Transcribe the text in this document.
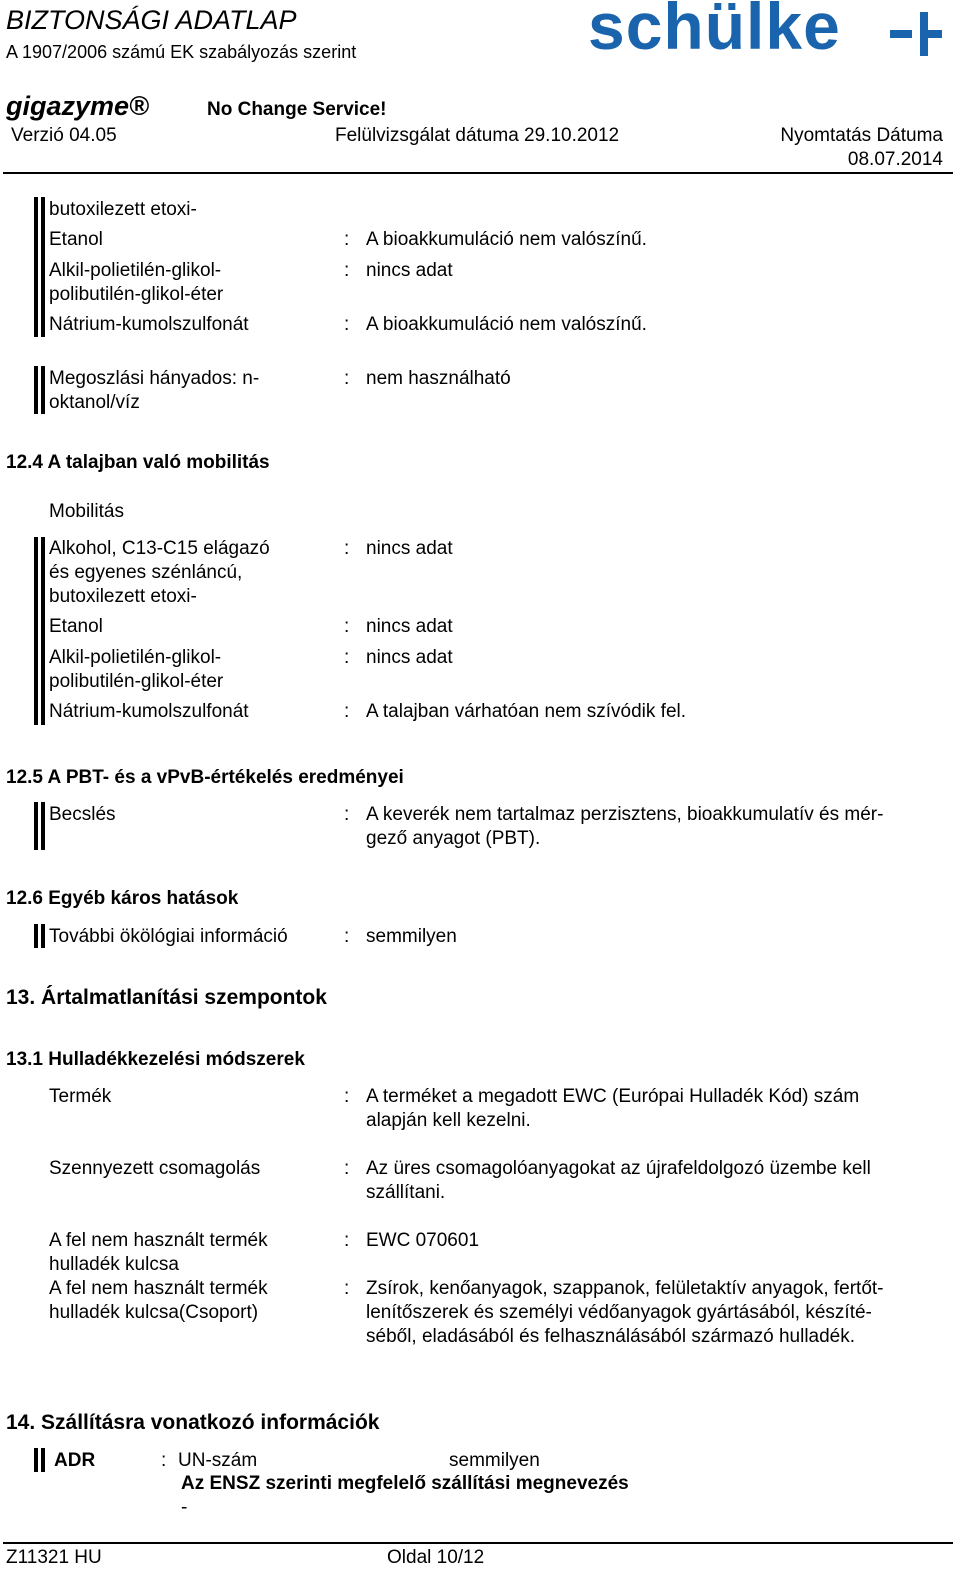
BIZTONSÁGI ADATLAP
A 1907/2006 számú EK szabályozás szerint	schülke
gigazyme®	No Change Service!
Verzió 04.05	Felülvizsgálat dátuma 29.10.2012	Nyomtatás Dátuma
08.07.2014
butoxilezett etoxi-
Etanol	: A bioakkumuláció nem valószínű.
Alkil-polietilén-glikol-
polibutilén-glikol-éter
: nincs adat
Nátrium-kumolszulfonát	: A bioakkumuláció nem valószínű.
Megoszlási hányados: n-
oktanol/víz
: nem használható
12.4 A talajban való mobilitás
Mobilitás
Alkohol, C13-C15 elágazó
és egyenes szénláncú,
butoxilezett etoxi-
: nincs adat
Etanol	: nincs adat
Alkil-polietilén-glikol-
polibutilén-glikol-éter
: nincs adat
Nátrium-kumolszulfonát	: A talajban várhatóan nem szívódik fel.
12.5 A PBT- és a vPvB-értékelés eredményei
Becslés	: A keverék nem tartalmaz perzisztens, bioakkumulatív és mér-
gező anyagot (PBT).
12.6 Egyéb káros hatások
További ökölógiai információ	: semmilyen
13. Ártalmatlanítási szempontok
13.1 Hulladékkezelési módszerek
Termék	: A terméket a megadott EWC (Európai Hulladék Kód) szám
alapján kell kezelni.
Szennyezett csomagolás	: Az üres csomagolóanyagokat az újrafeldolgozó üzembe kell
szállítani.
A fel nem használt termék
hulladék kulcsa
: EWC 070601
A fel nem használt termék
hulladék kulcsa(Csoport)
: Zsírok, kenőanyagok, szappanok, felületaktív anyagok, fertőt-
lenítőszerek és személyi védőanyagok gyártásából, készíté-
séből, eladásából és felhasználásából származó hulladék.
14. Szállításra vonatkozó információk
ADR	: UN-szám	semmilyen
Az ENSZ szerinti megfelelő szállítási megnevezés
-
Z11321 HU	Oldal 10/12
